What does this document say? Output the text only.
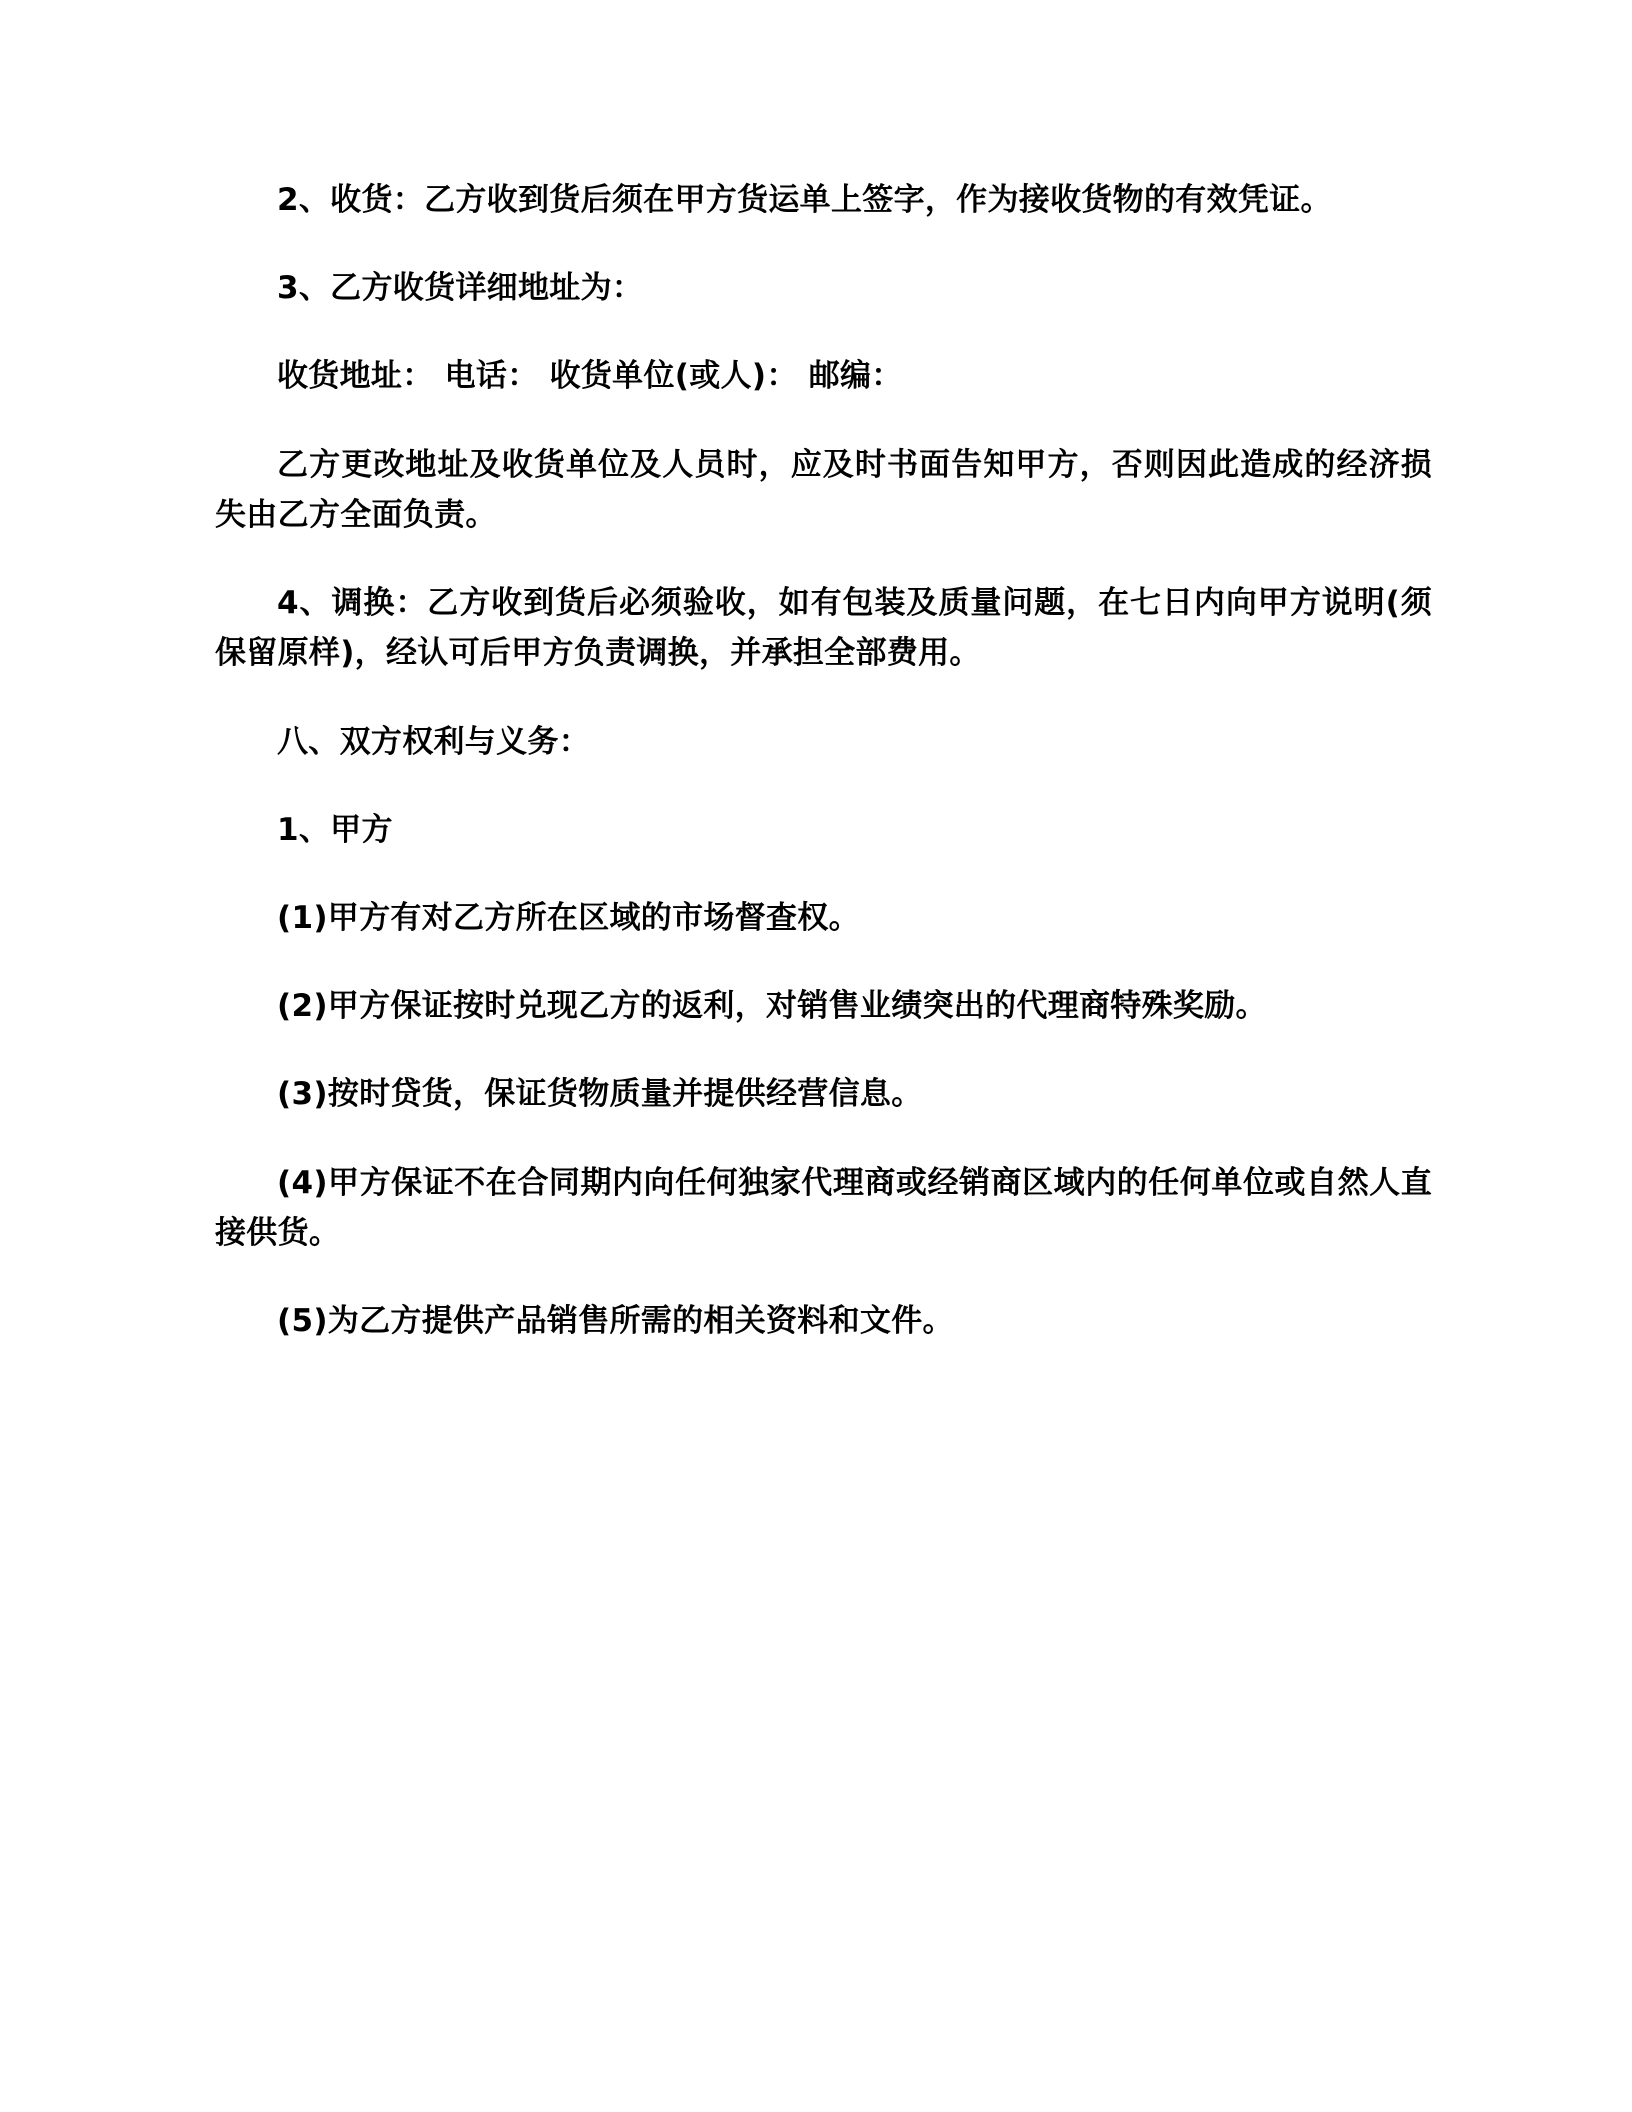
2、收货：乙方收到货后须在甲方货运单上签字，作为接收货物的有效凭证。

3、乙方收货详细地址为：

收货地址： 电话： 收货单位(或人)： 邮编：

乙方更改地址及收货单位及人员时，应及时书面告知甲方，否则因此造成的经济损失由乙方全面负责。

4、调换：乙方收到货后必须验收，如有包装及质量问题，在七日内向甲方说明(须保留原样)，经认可后甲方负责调换，并承担全部费用。

八、双方权利与义务：

1、甲方

(1)甲方有对乙方所在区域的市场督查权。

(2)甲方保证按时兑现乙方的返利，对销售业绩突出的代理商特殊奖励。

(3)按时贷货，保证货物质量并提供经营信息。

(4)甲方保证不在合同期内向任何独家代理商或经销商区域内的任何单位或自然人直接供货。

(5)为乙方提供产品销售所需的相关资料和文件。
